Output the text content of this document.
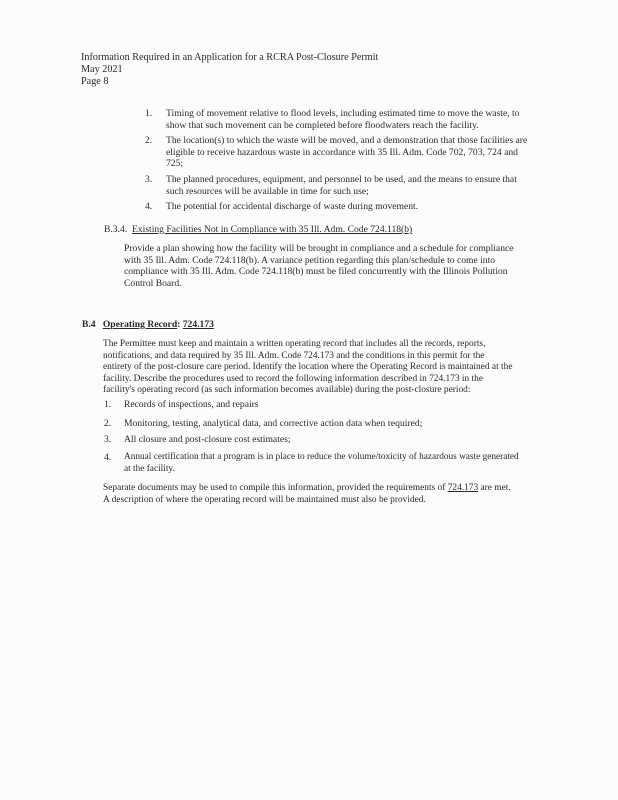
Information Required in an Application for a RCRA Post-Closure Permit
May 2021
Page 8
1. Timing of movement relative to flood levels, including estimated time to move the waste, to
show that such movement can be completed before floodwaters reach the facility.
2. The location(s) to which the waste will be moved, and a demonstration that those facilities are
eligible to receive hazardous waste in accordance with 35 Ill. Adm. Code 702, 703, 724 and
725;
3. The planned procedures, equipment, and personnel to be used, and the means to ensure that
such resources will be available in time for such use;
4. The potential for accidental discharge of waste during movement.
B.3.4. Existing Facilities Not in Compliance with 35 Ill. Adm. Code 724.118(b)
Provide a plan showing how the facility will be brought in compliance and a schedule for compliance
with 35 Ill. Adm. Code 724.118(b). A variance petition regarding this plan/schedule to come into
compliance with 35 Ill. Adm. Code 724.118(b) must be filed concurrently with the Illinois Pollution
Control Board.
B.4 Operating Record: 724.173
The Permittee must keep and maintain a written operating record that includes all the records, reports,
notifications, and data required by 35 Ill. Adm. Code 724.173 and the conditions in this permit for the
entirety of the post-closure care period. Identify the location where the Operating Record is maintained at the
facility. Describe the procedures used to record the following information described in 724.173 in the
facility's operating record (as such information becomes available) during the post-closure period:
1. Records of inspections, and repairs
2. Monitoring, testing, analytical data, and corrective action data when required;
3. All closure and post-closure cost estimates;
4. Annual certification that a program is in place to reduce the volume/toxicity of hazardous waste generated
at the facility.
Separate documents may be used to compile this information, provided the requirements of 724.173 are met.
A description of where the operating record will be maintained must also be provided.
